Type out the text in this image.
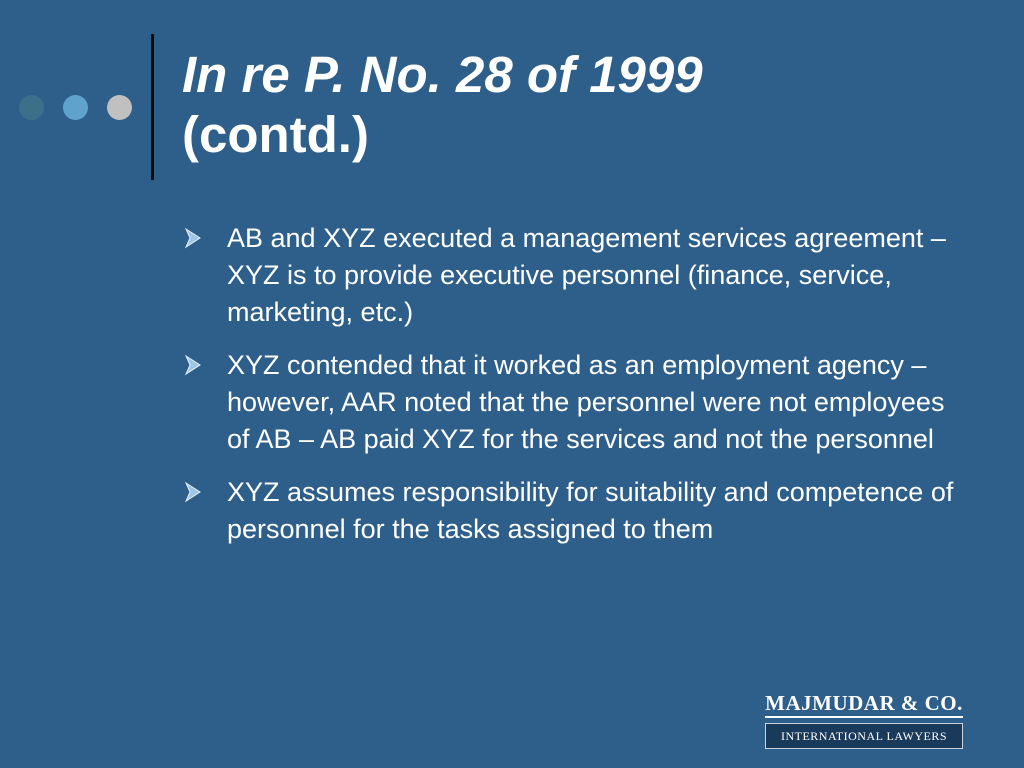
In re P. No. 28 of 1999
(contd.)
AB and XYZ executed a management services agreement – XYZ is to provide executive personnel (finance, service, marketing, etc.)
XYZ contended that it worked as an employment agency – however, AAR noted that the personnel were not employees of AB – AB paid XYZ for the services and not the personnel
XYZ assumes responsibility for suitability and competence of personnel for the tasks assigned to them
MAJMUDAR & CO.
INTERNATIONAL LAWYERS
